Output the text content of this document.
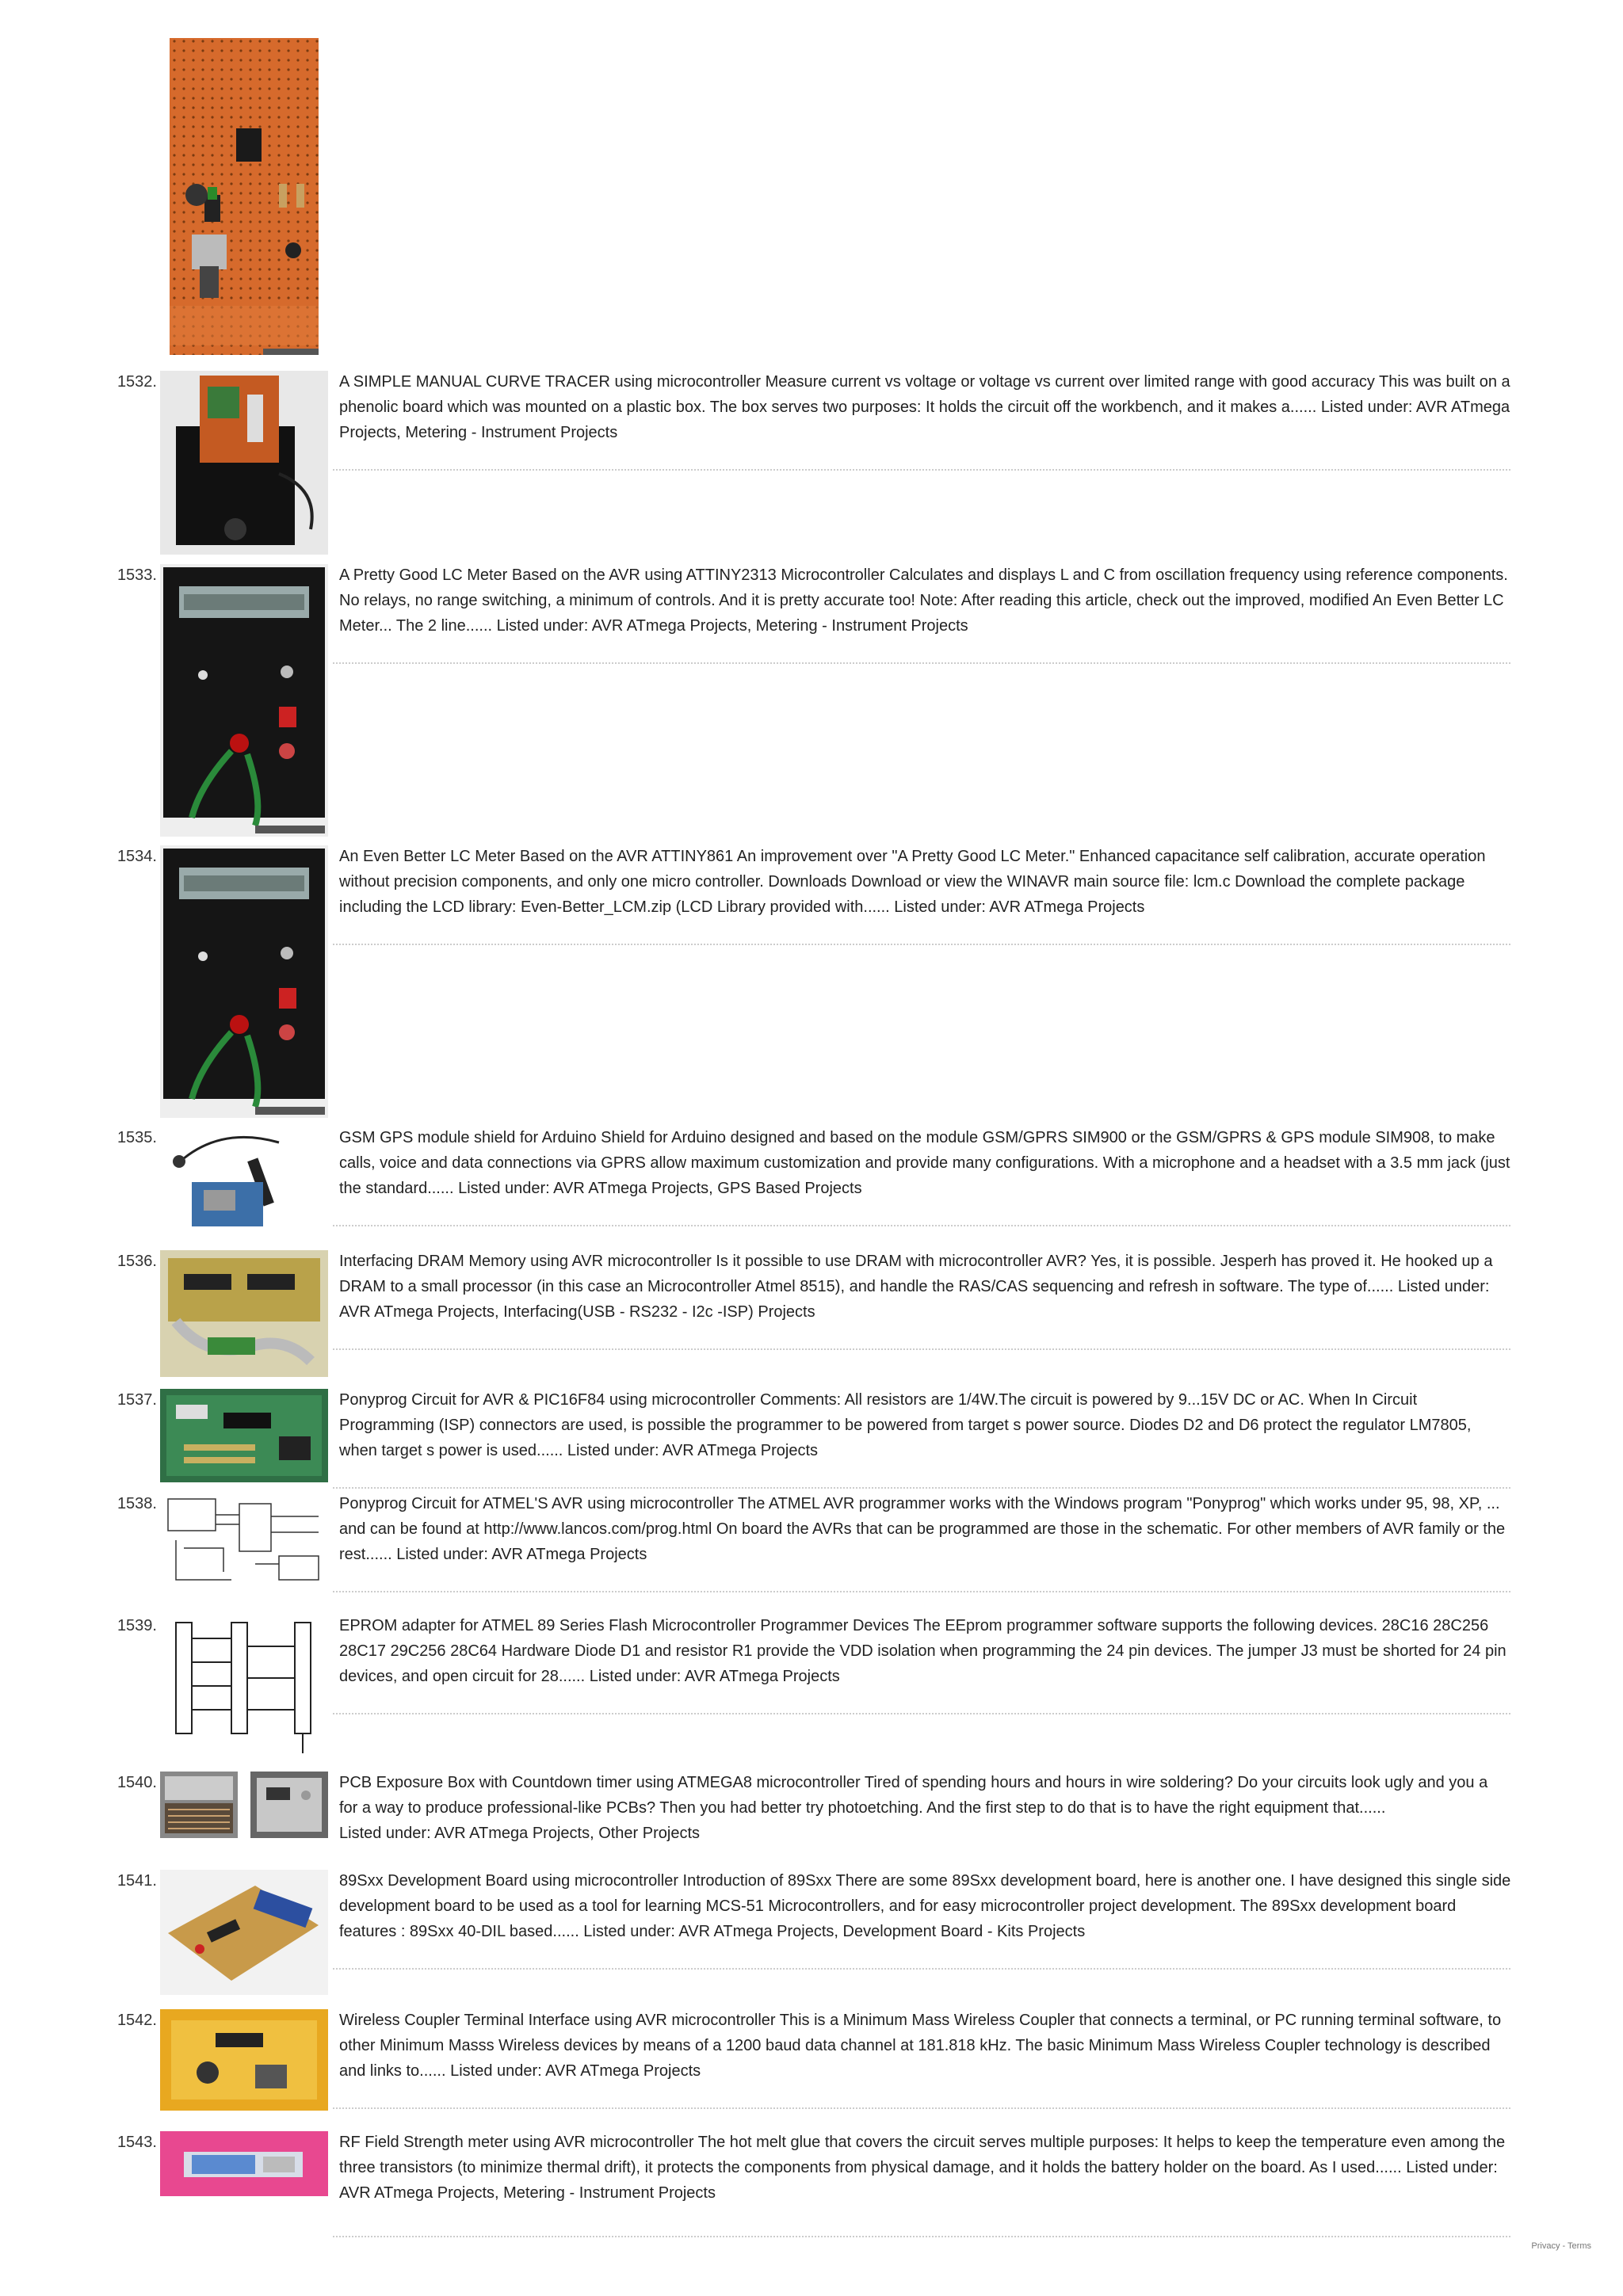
1532.	A SIMPLE MANUAL CURVE TRACER using microcontroller Measure current vs voltage or voltage vs current over limited range with good accuracy This was built on a phenolic board which was mounted on a plastic box. The box serves two purposes: It holds the circuit off the workbench, and it makes a...... Listed under: AVR ATmega Projects, Metering - Instrument Projects
1533.	A Pretty Good LC Meter Based on the AVR using ATTINY2313 Microcontroller Calculates and displays L and C from oscillation frequency using reference components. No relays, no range switching, a minimum of controls. And it is pretty accurate too! Note: After reading this article, check out the improved, modified An Even Better LC Meter... The 2 line...... Listed under: AVR ATmega Projects, Metering - Instrument Projects
1534.	An Even Better LC Meter Based on the AVR ATTINY861 An improvement over "A Pretty Good LC Meter." Enhanced capacitance self calibration, accurate operation without precision components, and only one micro controller. Downloads Download or view the WINAVR main source file: lcm.c Download the complete package including the LCD library: Even-Better_LCM.zip (LCD Library provided with...... Listed under: AVR ATmega Projects
1535.	GSM GPS module shield for Arduino Shield for Arduino designed and based on the module GSM/GPRS SIM900 or the GSM/GPRS & GPS module SIM908, to make calls, voice and data connections via GPRS allow maximum customization and provide many configurations. With a microphone and a headset with a 3.5 mm jack (just the standard...... Listed under: AVR ATmega Projects, GPS Based Projects
1536.	Interfacing DRAM Memory using AVR microcontroller Is it possible to use DRAM with microcontroller AVR? Yes, it is possible. Jesperh has proved it. He hooked up a DRAM to a small processor (in this case an Microcontroller Atmel 8515), and handle the RAS/CAS sequencing and refresh in software. The type of...... Listed under: AVR ATmega Projects, Interfacing(USB - RS232 - I2c -ISP) Projects
1537.	Ponyprog Circuit for AVR & PIC16F84 using microcontroller Comments: All resistors are 1/4W.The circuit is powered by 9...15V DC or AC. When In Circuit Programming (ISP) connectors are used, is possible the programmer to be powered from target s power source. Diodes D2 and D6 protect the regulator LM7805, when target s power is used...... Listed under: AVR ATmega Projects
1538.	Ponyprog Circuit for ATMEL'S AVR using microcontroller The ATMEL AVR programmer works with the Windows program "Ponyprog" which works under 95, 98, XP, ... and can be found at http://www.lancos.com/prog.html On board the AVRs that can be programmed are those in the schematic. For other members of AVR family or the rest...... Listed under: AVR ATmega Projects
1539.	EPROM adapter for ATMEL 89 Series Flash Microcontroller Programmer Devices The EEprom programmer software supports the following devices. 28C16 28C256 28C17 29C256 28C64 Hardware Diode D1 and resistor R1 provide the VDD isolation when programming the 24 pin devices. The jumper J3 must be shorted for 24 pin devices, and open circuit for 28...... Listed under: AVR ATmega Projects
1540.	PCB Exposure Box with Countdown timer using ATMEGA8 microcontroller Tired of spending hours and hours in wire soldering? Do your circuits look ugly and you a
for a way to produce professional-like PCBs? Then you had better try photoetching. And the first step to do that is to have the right equipment that......
Listed under: AVR ATmega Projects, Other Projects
1541.	89Sxx Development Board using microcontroller Introduction of 89Sxx There are some 89Sxx development board, here is another one. I have designed this single side development board to be used as a tool for learning MCS-51 Microcontrollers, and for easy microcontroller project development. The 89Sxx development board features : 89Sxx 40-DIL based...... Listed under: AVR ATmega Projects, Development Board - Kits Projects
1542.	Wireless Coupler Terminal Interface using AVR microcontroller This is a Minimum Mass Wireless Coupler that connects a terminal, or PC running terminal software, to other Minimum Masss Wireless devices by means of a 1200 baud data channel at 181.818 kHz. The basic Minimum Mass Wireless Coupler technology is described and links to...... Listed under: AVR ATmega Projects
1543.	RF Field Strength meter using AVR microcontroller The hot melt glue that covers the circuit serves multiple purposes: It helps to keep the temperature even among the three transistors (to minimize thermal drift), it protects the components from physical damage, and it holds the battery holder on the board. As I used...... Listed under: AVR ATmega Projects, Metering - Instrument Projects
Privacy - Terms
